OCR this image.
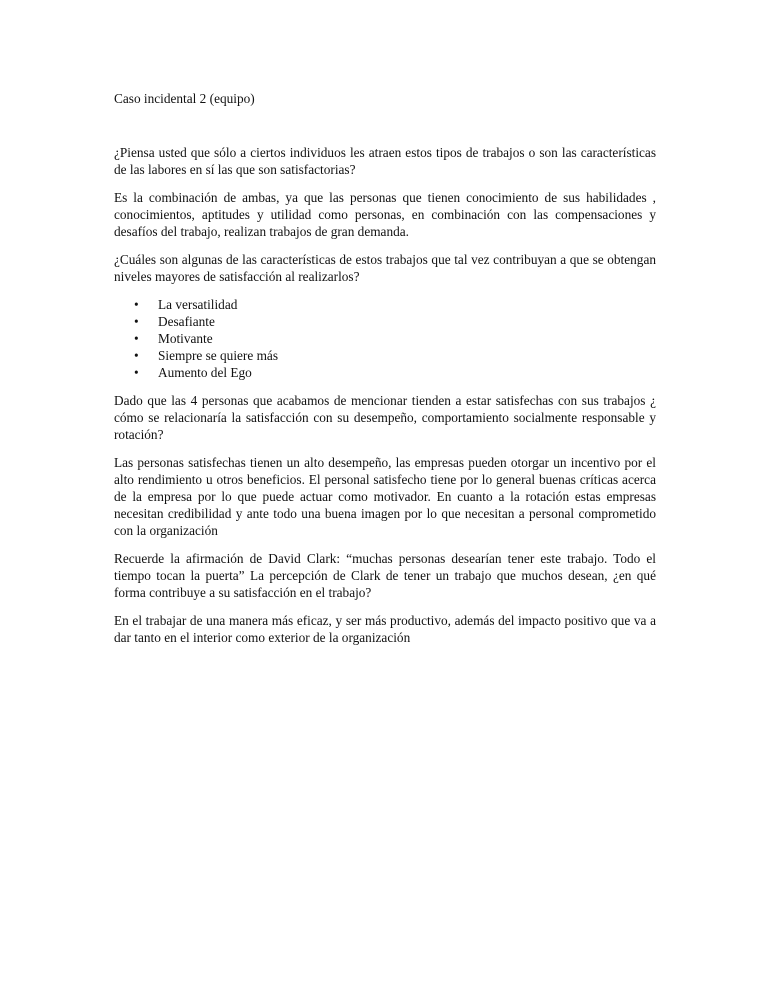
Caso incidental 2 (equipo)

¿Piensa usted que sólo a ciertos individuos les atraen estos tipos de trabajos o son las características de las labores en sí las que son satisfactorias?

Es la combinación de ambas, ya que las personas que tienen conocimiento de sus habilidades , conocimientos, aptitudes y utilidad como personas, en combinación con las compensaciones y desafíos del trabajo, realizan trabajos de gran demanda.

¿Cuáles son algunas de las características de estos trabajos que tal vez contribuyan a que se obtengan niveles mayores de satisfacción al realizarlos?

• La versatilidad
• Desafiante
• Motivante
• Siempre se quiere más
• Aumento del Ego

Dado que las 4 personas que acabamos de mencionar tienden a estar satisfechas con sus trabajos ¿ cómo se relacionaría la satisfacción con su desempeño, comportamiento socialmente responsable y rotación?

Las personas satisfechas tienen un alto desempeño, las empresas pueden otorgar un incentivo por el alto rendimiento u otros beneficios. El personal satisfecho tiene por lo general buenas críticas acerca de la empresa por lo que puede actuar como motivador. En cuanto a la rotación estas empresas necesitan credibilidad y ante todo una buena imagen por lo que necesitan a personal comprometido con la organización

Recuerde la afirmación de David Clark: “muchas personas desearían tener este trabajo. Todo el tiempo tocan la puerta” La percepción de Clark de tener un trabajo que muchos desean, ¿en qué forma contribuye a su satisfacción en el trabajo?

En el trabajar de una manera más eficaz, y ser más productivo, además del impacto positivo que va a dar tanto en el interior como exterior de la organización
